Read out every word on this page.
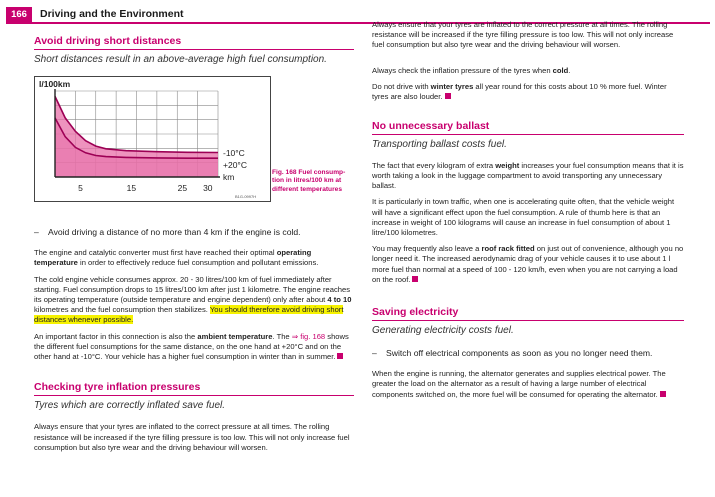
166	Driving and the Environment
Avoid driving short distances
Short distances result in an above-average high fuel consumption.
l/100km
km
-10°C
+20°C
5	15	25 30
B1G-0997H
Fig. 168 Fuel consump-
tion in litres/100 km at
different temperatures
– Avoid driving a distance of no more than 4 km if the engine is cold.

The engine and catalytic converter must first have reached their optimal operating temperature in order to effectively reduce fuel consumption and pollutant emissions.

The cold engine vehicle consumes approx. 20 - 30 litres/100 km of fuel immediately after starting. Fuel consumption drops to 15 litres/100 km after just 1 kilometre. The engine reaches its operating temperature (outside temperature and engine dependent) only after about 4 to 10 kilometres and the fuel consumption then stabilizes. You should therefore avoid driving short distances whenever possible.

An important factor in this connection is also the ambient temperature. The ⇒ fig. 168 shows the different fuel consumptions for the same distance, on the one hand at +20°C and on the other hand at -10°C. Your vehicle has a higher fuel consumption in winter than in summer.

Checking tyre inflation pressures
Tyres which are correctly inflated save fuel.

Always ensure that your tyres are inflated to the correct pressure at all times. The rolling resistance will be increased if the tyre filling pressure is too low. This will not only increase fuel consumption but also tyre wear and the driving behaviour will worsen.

Always ensure that your tyres are inflated to the correct pressure at all times. The rolling resistance will be increased if the tyre filling pressure is too low. This will not only increase fuel consumption but also tyre wear and the driving behaviour will worsen.

Always check the inflation pressure of the tyres when cold.

Do not drive with winter tyres all year round for this costs about 10 % more fuel. Winter tyres are also louder.

No unnecessary ballast
Transporting ballast costs fuel.

The fact that every kilogram of extra weight increases your fuel consumption means that it is worth taking a look in the luggage compartment to avoid transporting any unnecessary ballast.

It is particularly in town traffic, when one is accelerating quite often, that the vehicle weight will have a significant effect upon the fuel consumption. A rule of thumb here is that an increase in weight of 100 kilograms will cause an increase in fuel consumption of about 1 litre/100 kilometres.

You may frequently also leave a roof rack fitted on just out of convenience, although you no longer need it. The increased aerodynamic drag of your vehicle causes it to use about 1 l more fuel than normal at a speed of 100 - 120 km/h, even when you are not carrying a load on the roof.

Saving electricity
Generating electricity costs fuel.
– Switch off electrical components as soon as you no longer need them.

When the engine is running, the alternator generates and supplies electrical power. The greater the load on the alternator as a result of having a large number of electrical components switched on, the more fuel will be consumed for operating the alternator.
